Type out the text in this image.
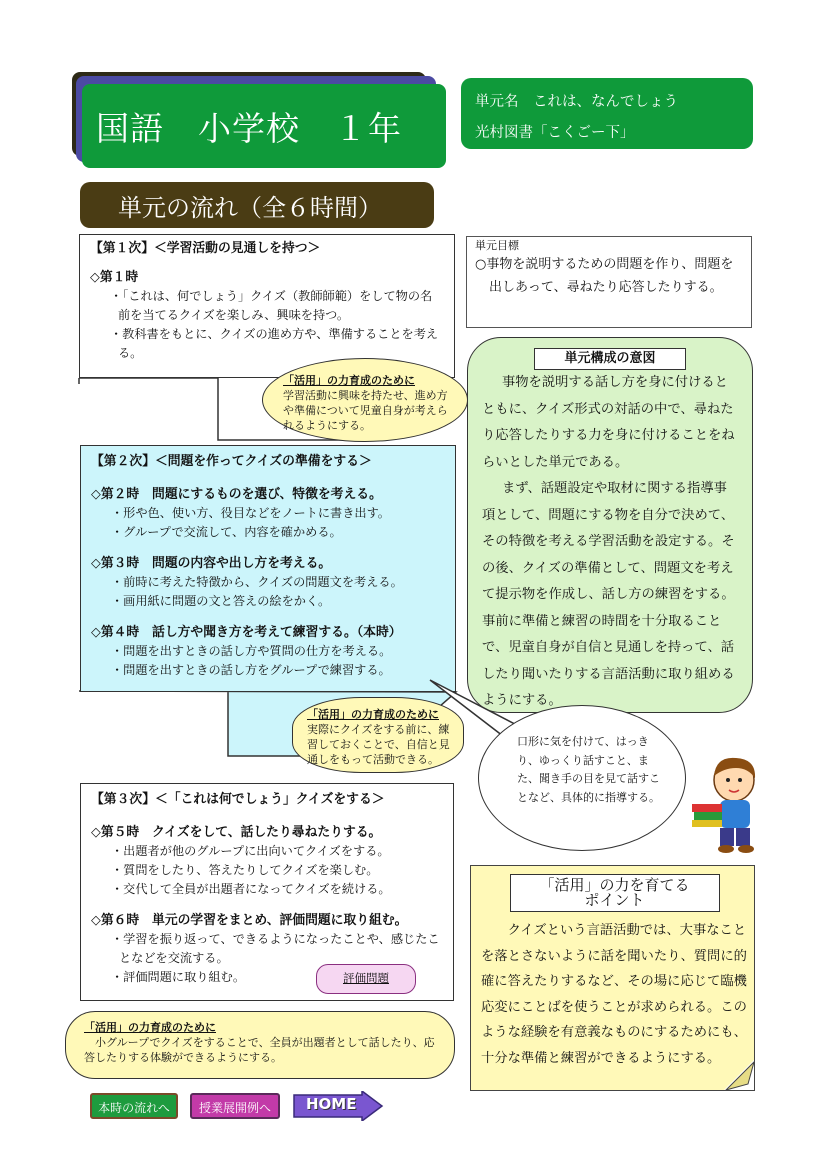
国語　小学校　１年
単元名　これは、なんでしょう
光村図書「こくごー下」
単元の流れ（全６時間）
【第１次】＜学習活動の見通しを持つ＞
◇第１時
・「これは、何でしょう」クイズ（教師師範）をして物の名前を当てるクイズを楽しみ、興味を持つ。
・教科書をもとに、クイズの進め方や、準備することを考える。
「活用」の力育成のために
学習活動に興味を持たせ、進め方や準備について児童自身が考えられるようにする。
【第２次】＜問題を作ってクイズの準備をする＞
◇第２時　問題にするものを選び、特徴を考える。
・形や色、使い方、役目などをノートに書き出す。
・グループで交流して、内容を確かめる。
◇第３時　問題の内容や出し方を考える。
・前時に考えた特徴から、クイズの問題文を考える。
・画用紙に問題の文と答えの絵をかく。
◇第４時　話し方や聞き方を考えて練習する。（本時）
・問題を出すときの話し方や質問の仕方を考える。
・問題を出すときの話し方をグループで練習する。
「活用」の力育成のために
実際にクイズをする前に、練習しておくことで、自信と見通しをもって活動できる。
【第３次】＜「これは何でしょう」クイズをする＞
◇第５時　クイズをして、話したり尋ねたりする。
・出題者が他のグループに出向いてクイズをする。
・質問をしたり、答えたりしてクイズを楽しむ。
・交代して全員が出題者になってクイズを続ける。
◇第６時　単元の学習をまとめ、評価問題に取り組む。
・学習を振り返って、できるようになったことや、感じたことなどを交流する。
・評価問題に取り組む。	評価問題
「活用」の力育成のために
小グループでクイズをすることで、全員が出題者として話したり、応答したりする体験ができるようにする。
単元目標
○事物を説明するための問題を作り、問題を出しあって、尋ねたり応答したりする。
単元構成の意図
事物を説明する話し方を身に付けるとともに、クイズ形式の対話の中で、尋ねたり応答したりする力を身に付けることをねらいとした単元である。
まず、話題設定や取材に関する指導事項として、問題にする物を自分で決めて、その特徴を考える学習活動を設定する。その後、クイズの準備として、問題文を考えて提示物を作成し、話し方の練習をする。事前に準備と練習の時間を十分取ることで、児童自身が自信と見通しを持って、話したり聞いたりする言語活動に取り組めるようにする。
口形に気を付けて、はっきり、ゆっくり話すこと、また、聞き手の目を見て話すことなど、具体的に指導する。
「活用」の力を育てる
ポイント
クイズという言語活動では、大事なことを落とさないように話を聞いたり、質問に的確に答えたりするなど、その場に応じて臨機応変にことばを使うことが求められる。このような経験を有意義なものにするためにも、十分な準備と練習ができるようにする。
本時の流れへ	授業展開例へ	HOME
